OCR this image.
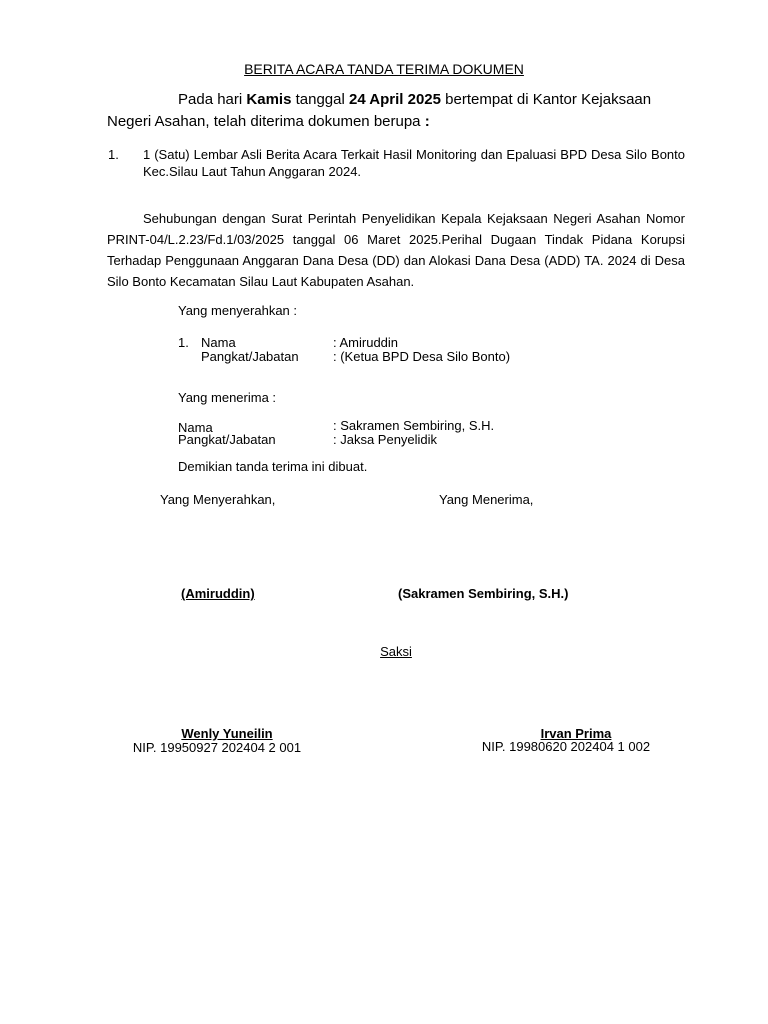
BERITA ACARA TANDA TERIMA DOKUMEN
Pada hari Kamis tanggal 24 April 2025 bertempat di Kantor Kejaksaan
Negeri Asahan, telah diterima dokumen berupa :
1. 1 (Satu) Lembar Asli Berita Acara Terkait Hasil Monitoring dan Epaluasi BPD Desa Silo Bonto Kec.Silau Laut Tahun Anggaran 2024.
Sehubungan dengan Surat Perintah Penyelidikan Kepala Kejaksaan Negeri Asahan Nomor PRINT-04/L.2.23/Fd.1/03/2025 tanggal 06 Maret 2025.Perihal Dugaan Tindak Pidana Korupsi Terhadap Penggunaan Anggaran Dana Desa (DD) dan Alokasi Dana Desa (ADD) TA. 2024 di Desa Silo Bonto Kecamatan Silau Laut Kabupaten Asahan.
Yang menyerahkan :
1. Nama	: Amiruddin
Pangkat/Jabatan	: (Ketua BPD Desa Silo Bonto)
Yang menerima :
Nama	: Sakramen Sembiring, S.H.
Pangkat/Jabatan	: Jaksa Penyelidik
Demikian tanda terima ini dibuat.
Yang Menyerahkan,	Yang Menerima,
(Amiruddin)	(Sakramen Sembiring, S.H.)
Saksi
Wenly Yuneilin
NIP. 19950927 202404 2 001
Irvan Prima
NIP. 19980620 202404 1 002
